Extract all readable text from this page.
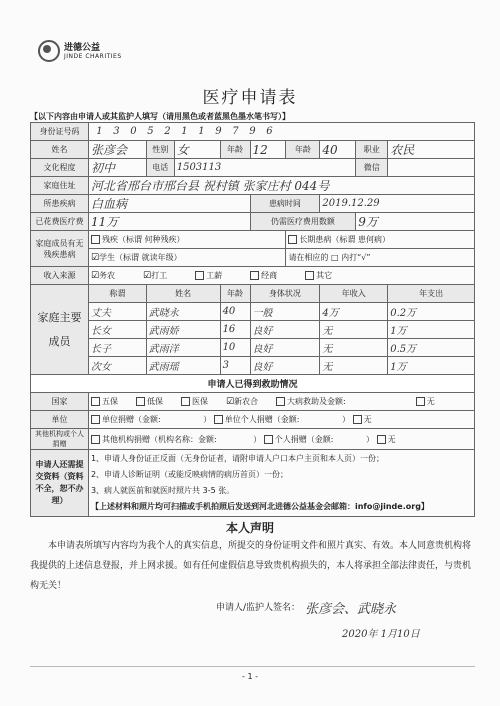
进德公益
JINDE CHARITIES
医疗申请表
【以下内容由申请人或其监护人填写（请用黑色或者蓝黑色墨水笔书写）】
身份证号码	1 3 0 5 2 1 1 9 7 9 6								
姓名	张彦会	性别	女	年龄	12	年龄	40	职业	农民
文化程度	初中	电话	1503113					微信	
家庭住址	河北省邢台市邢台县 祝村镇 张家庄村 044号								
所患疾病	白血病				患病时间		2019.12.29		
已花费医疗费	11万				仍需医疗费用数额			9万	
家庭成员有无残疾患病	残疾（标谓 何种残疾）					长期患病（标谓 患何病）			
	☑学生（标谓 就读年级）					请在相应的 □ 内打“√”			
收入来源	☑务农 ☑打工 工薪 经商 其它								
家庭主要成员	称谓	姓名		年龄	身体状况		年收入		年支出
	丈夫	武晓永		40	一般		4万		0.2万
	长女	武雨娇		16	良好		无		1万
	长子	武雨洋		10	良好		无		0.5万
	次女	武雨瑶		3	良好		无		1万
申请人已得到救助情况									
国家	五保 低保 医保 ☑新农合 大病救助及金额: 无								
单位	单位捐赠（金额: ） 单位个人捐赠（金额: ） 无								
其他机构或个人捐赠	其他机构捐赠（机构名称：金额: ） 个人捐赠（金额: ） 无								
申请人还需提交资料（资料不全，恕不办理）	1、申请人身份证正反面（无身份证者，请附申请人户口本户主页和本人页）一份；
2、申请人诊断证明（或能反映病情的病历首页）一份；
3、病人就医前和就医时照片共 3-5 张。
【上述材料和照片均可扫描或手机拍照后发送到河北进德公益基金会邮箱：info@jinde.org】								
本人声明
本申请表所填写内容均为我个人的真实信息，所提交的身份证明文件和照片真实、有效。本人同意贵机构将我提供的上述信息登报，并上网求援。如有任何虚假信息导致贵机构损失的，本人将承担全部法律责任，与贵机构无关！
申请人/监护人签名： 张彦会、武晓永
2020年 1月10日
- 1 -
